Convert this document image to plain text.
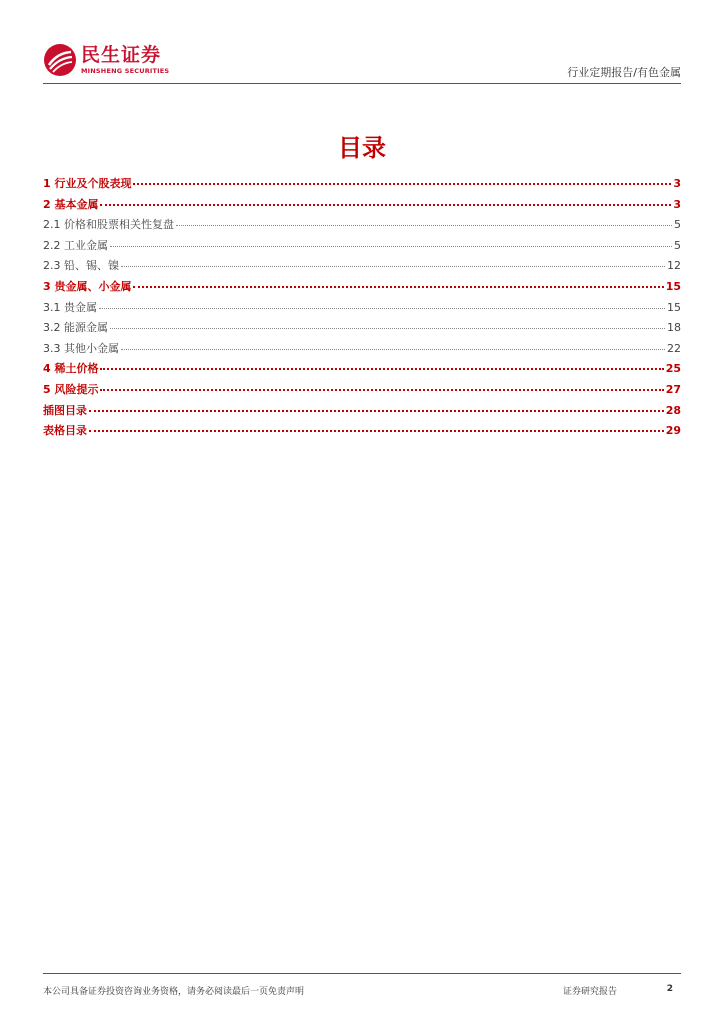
民生证券
MINSHENG SECURITIES	行业定期报告/有色金属
目录
1 行业及个股表现	3
2 基本金属	3
2.1 价格和股票相关性复盘	5
2.2 工业金属	5
2.3 铅、锡、镍	12
3 贵金属、小金属	15
3.1 贵金属	15
3.2 能源金属	18
3.3 其他小金属	22
4 稀土价格	25
5 风险提示	27
插图目录	28
表格目录	29
本公司具备证券投资咨询业务资格，请务必阅读最后一页免责声明	证券研究报告	2
